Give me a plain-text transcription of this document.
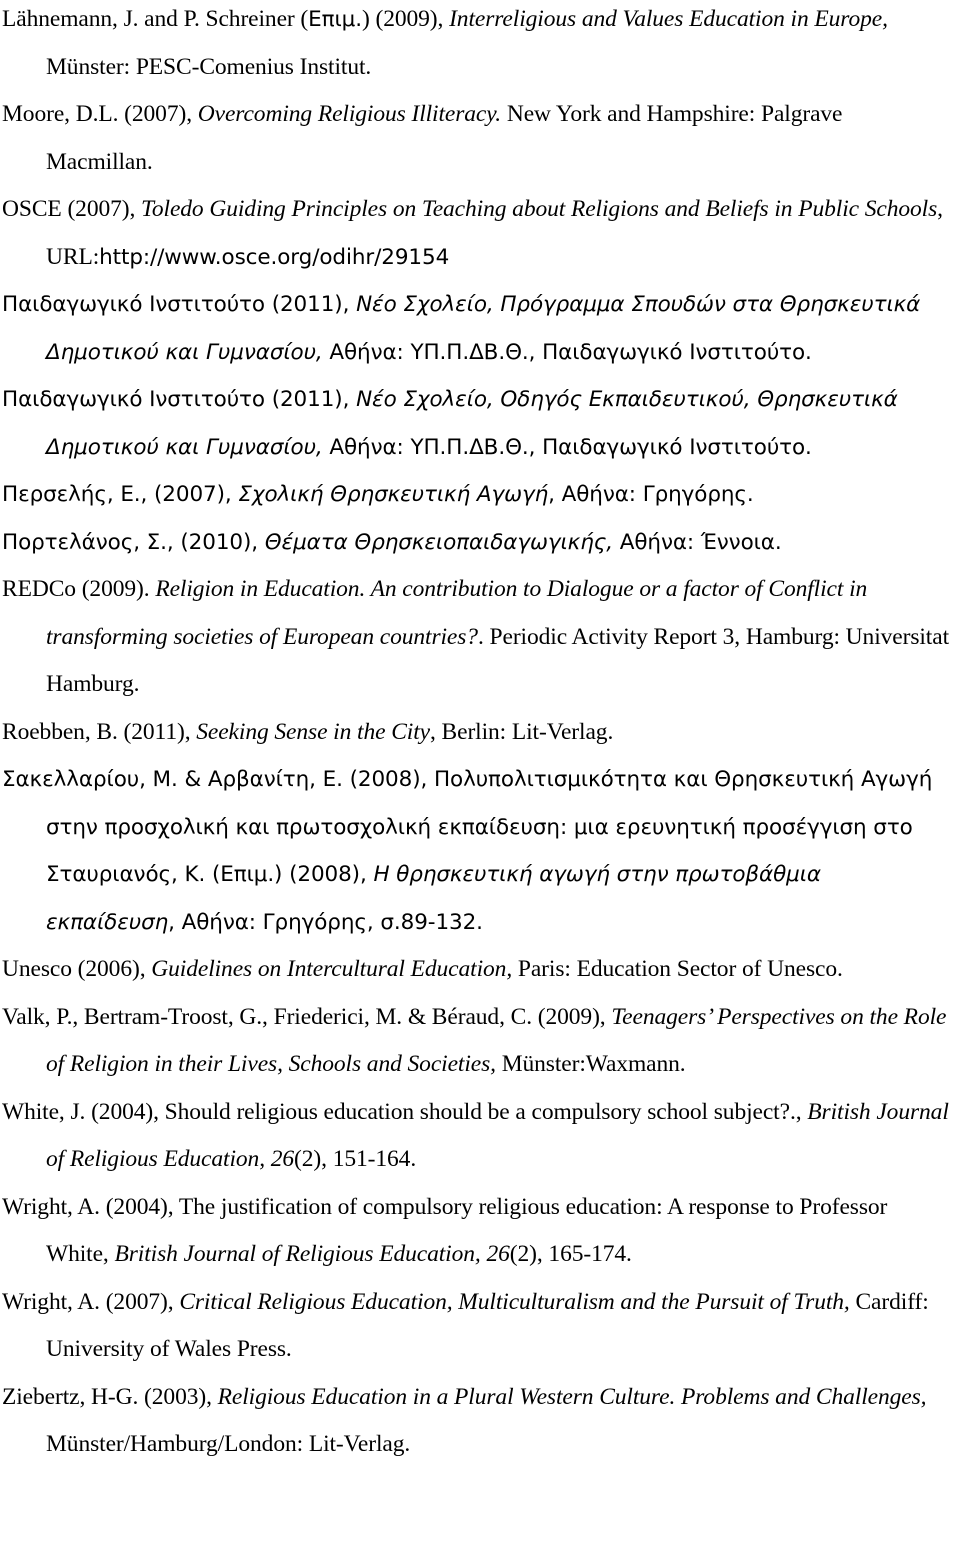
Lähnemann, J. and P. Schreiner (Επιμ.) (2009), Interreligious and Values Education in Europe, Münster: PESC-Comenius Institut.

Moore, D.L. (2007), Overcoming Religious Illiteracy. New York and Hampshire: Palgrave Macmillan.

OSCE (2007), Toledo Guiding Principles on Teaching about Religions and Beliefs in Public Schools, URL:http://www.osce.org/odihr/29154

Παιδαγωγικό Ινστιτούτο (2011), Νέο Σχολείο, Πρόγραμμα Σπουδών στα Θρησκευτικά Δημοτικού και Γυμνασίου, Αθήνα: ΥΠ.Π.ΔΒ.Θ., Παιδαγωγικό Ινστιτούτο.

Παιδαγωγικό Ινστιτούτο (2011), Νέο Σχολείο, Οδηγός Εκπαιδευτικού, Θρησκευτικά Δημοτικού και Γυμνασίου, Αθήνα: ΥΠ.Π.ΔΒ.Θ., Παιδαγωγικό Ινστιτούτο.

Περσελής, Ε., (2007), Σχολική Θρησκευτική Αγωγή, Αθήνα: Γρηγόρης.

Πορτελάνος, Σ., (2010), Θέματα Θρησκειοπαιδαγωγικής, Αθήνα: Έννοια.

REDCo (2009). Religion in Education. An contribution to Dialogue or a factor of Conflict in transforming societies of European countries?. Periodic Activity Report 3, Hamburg: Universitat Hamburg.

Roebben, B. (2011), Seeking Sense in the City, Berlin: Lit-Verlag.

Σακελλαρίου, Μ. & Αρβανίτη, Ε. (2008), Πολυπολιτισμικότητα και Θρησκευτική Αγωγή στην προσχολική και πρωτοσχολική εκπαίδευση: μια ερευνητική προσέγγιση στο Σταυριανός, Κ. (Επιμ.) (2008), Η θρησκευτική αγωγή στην πρωτοβάθμια εκπαίδευση, Αθήνα: Γρηγόρης, σ.89-132.

Unesco (2006), Guidelines on Intercultural Education, Paris: Education Sector of Unesco.

Valk, P., Bertram-Troost, G., Friederici, M. & Béraud, C. (2009), Teenagers’ Perspectives on the Role of Religion in their Lives, Schools and Societies, Münster:Waxmann.

White, J. (2004), Should religious education should be a compulsory school subject?., British Journal of Religious Education, 26(2), 151-164.

Wright, A. (2004), The justification of compulsory religious education: A response to Professor White, British Journal of Religious Education, 26(2), 165-174.

Wright, A. (2007), Critical Religious Education, Multiculturalism and the Pursuit of Truth, Cardiff: University of Wales Press.

Ziebertz, H-G. (2003), Religious Education in a Plural Western Culture. Problems and Challenges, Münster/Hamburg/London: Lit-Verlag.
